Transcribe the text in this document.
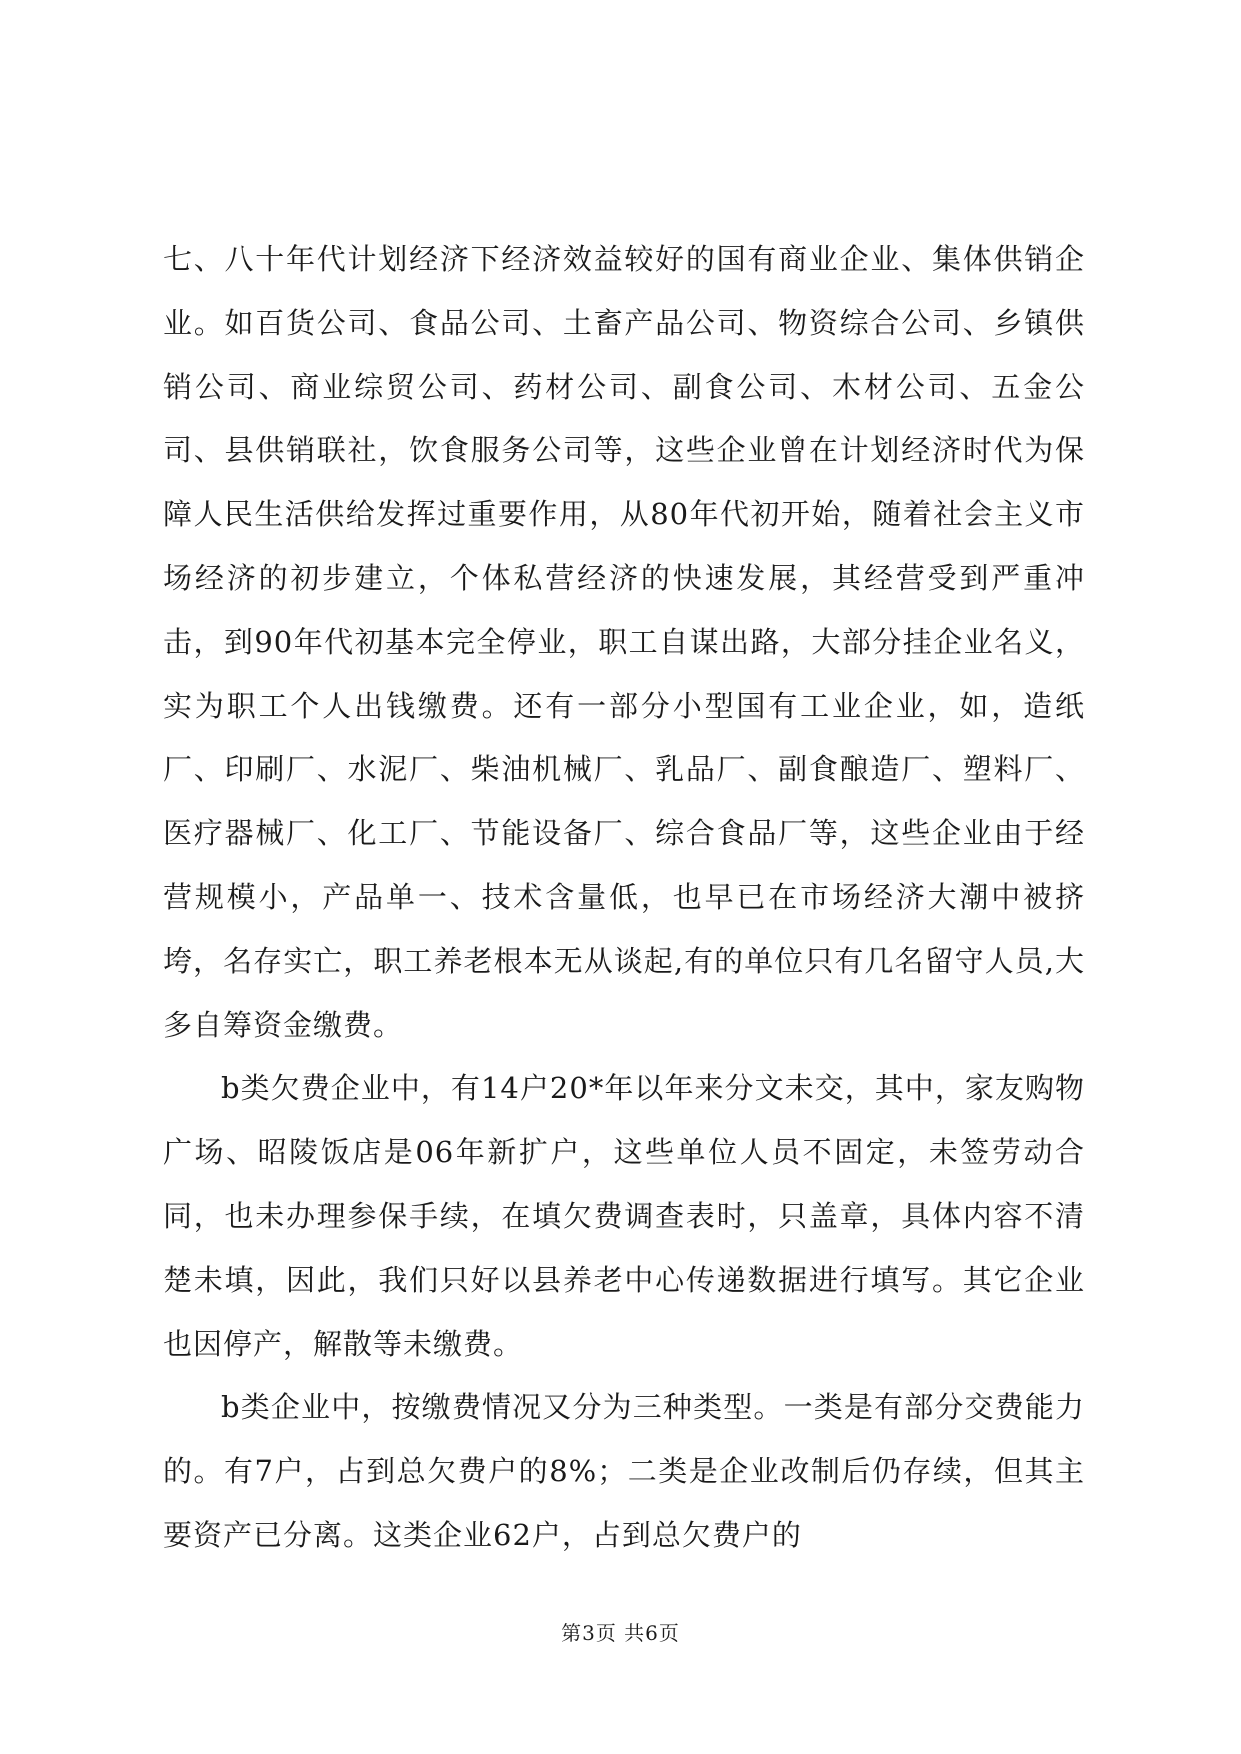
七、八十年代计划经济下经济效益较好的国有商业企业、集体供销企业。如百货公司、食品公司、土畜产品公司、物资综合公司、乡镇供销公司、商业综贸公司、药材公司、副食公司、木材公司、五金公司、县供销联社，饮食服务公司等，这些企业曾在计划经济时代为保障人民生活供给发挥过重要作用，从80年代初开始，随着社会主义市场经济的初步建立，个体私营经济的快速发展，其经营受到严重冲击，到90年代初基本完全停业，职工自谋出路，大部分挂企业名义，实为职工个人出钱缴费。还有一部分小型国有工业企业，如，造纸厂、印刷厂、水泥厂、柴油机械厂、乳品厂、副食酿造厂、塑料厂、医疗器械厂、化工厂、节能设备厂、综合食品厂等，这些企业由于经营规模小，产品单一、技术含量低，也早已在市场经济大潮中被挤垮，名存实亡，职工养老根本无从谈起,有的单位只有几名留守人员,大多自筹资金缴费。

b类欠费企业中，有14户20*年以年来分文未交，其中，家友购物广场、昭陵饭店是06年新扩户，这些单位人员不固定，未签劳动合同，也未办理参保手续，在填欠费调查表时，只盖章，具体内容不清楚未填，因此，我们只好以县养老中心传递数据进行填写。其它企业也因停产，解散等未缴费。

b类企业中，按缴费情况又分为三种类型。一类是有部分交费能力的。有7户，占到总欠费户的8%；二类是企业改制后仍存续，但其主要资产已分离。这类企业62户，占到总欠费户的

第3页 共6页
